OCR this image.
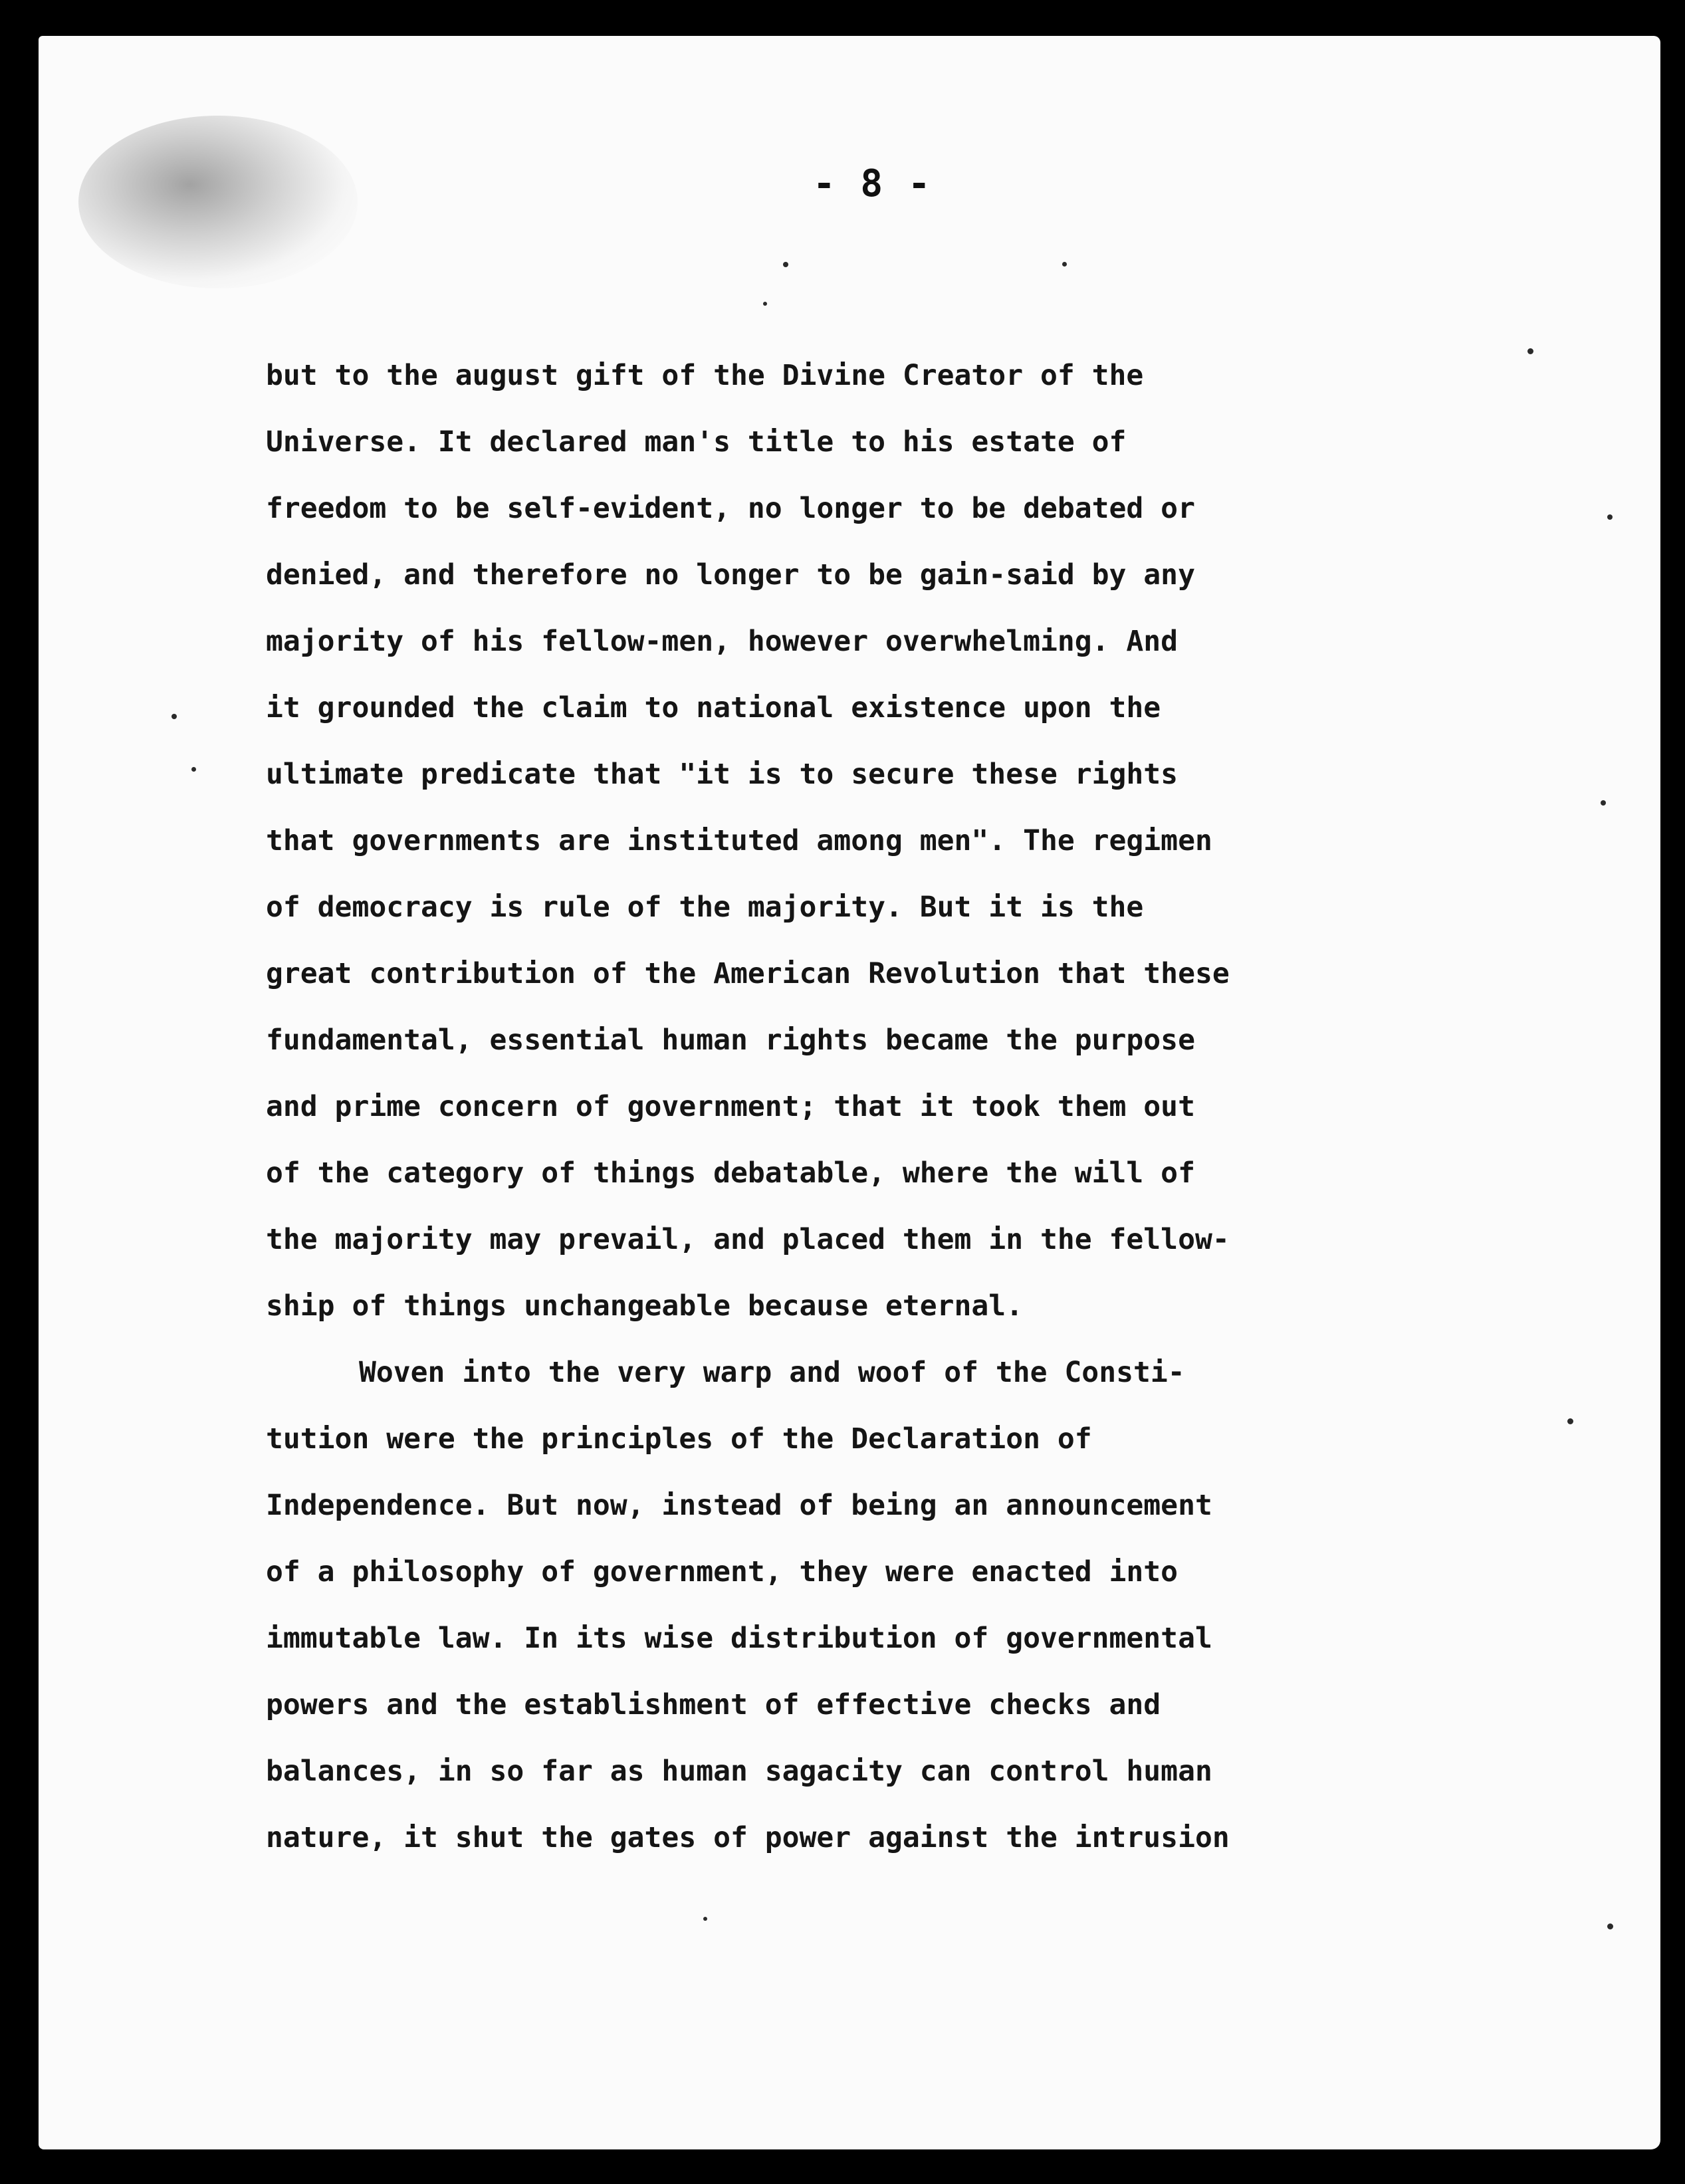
- 8 -
but to the august gift of the Divine Creator of the
Universe. It declared man's title to his estate of
freedom to be self-evident, no longer to be debated or
denied, and therefore no longer to be gain-said by any
majority of his fellow-men, however overwhelming. And
it grounded the claim to national existence upon the
ultimate predicate that "it is to secure these rights
that governments are instituted among men". The regimen
of democracy is rule of the majority. But it is the
great contribution of the American Revolution that these
fundamental, essential human rights became the purpose
and prime concern of government; that it took them out
of the category of things debatable, where the will of
the majority may prevail, and placed them in the fellow-
ship of things unchangeable because eternal.
Woven into the very warp and woof of the Consti-
tution were the principles of the Declaration of
Independence. But now, instead of being an announcement
of a philosophy of government, they were enacted into
immutable law. In its wise distribution of governmental
powers and the establishment of effective checks and
balances, in so far as human sagacity can control human
nature, it shut the gates of power against the intrusion
